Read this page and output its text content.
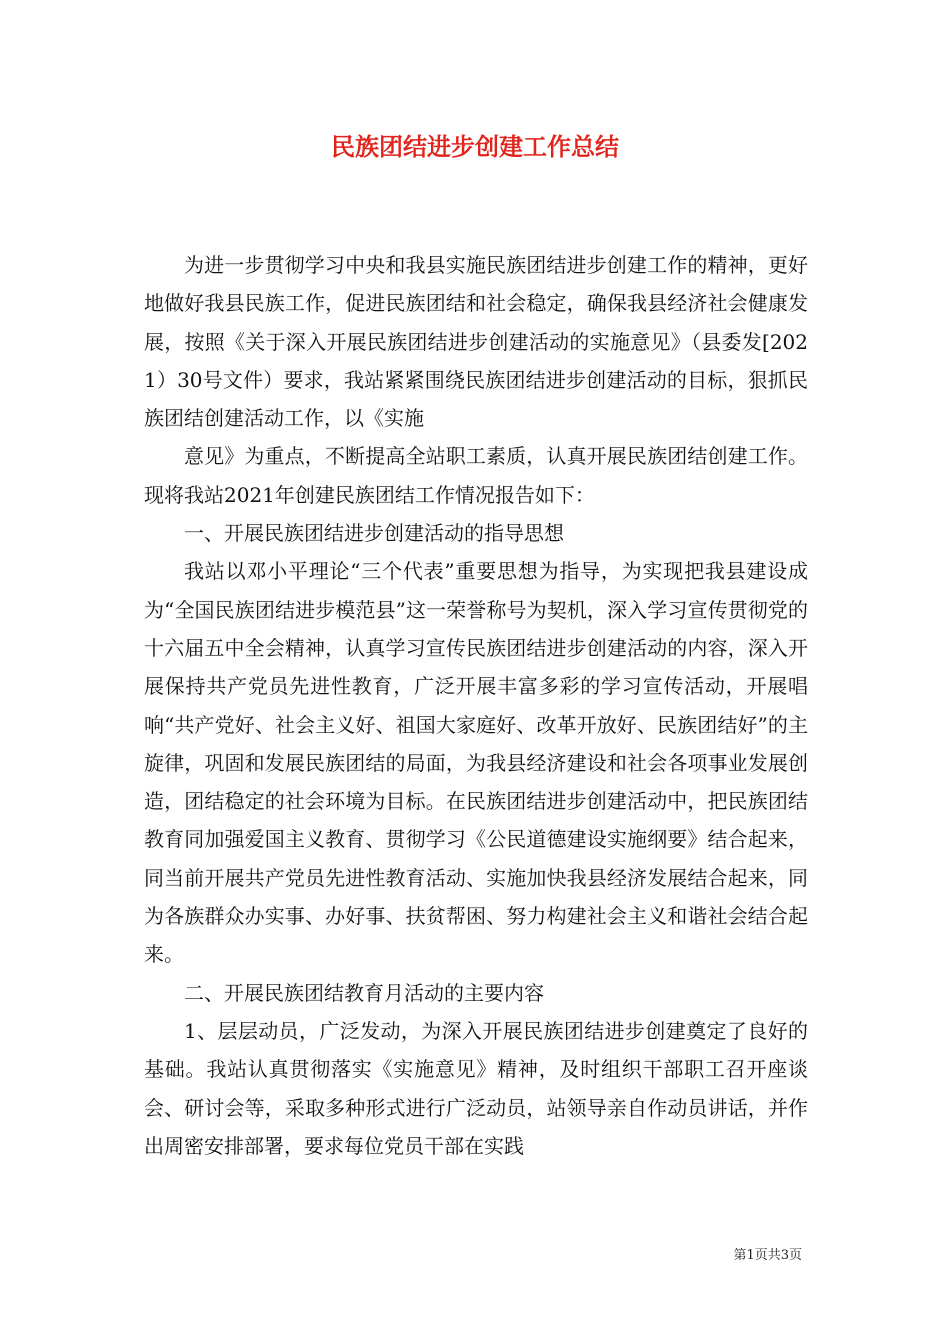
民族团结进步创建工作总结

为进一步贯彻学习中央和我县实施民族团结进步创建工作的精神，更好地做好我县民族工作，促进民族团结和社会稳定，确保我县经济社会健康发展，按照《关于深入开展民族团结进步创建活动的实施意见》（县委发[2021）30号文件）要求，我站紧紧围绕民族团结进步创建活动的目标，狠抓民族团结创建活动工作，以《实施

意见》为重点，不断提高全站职工素质，认真开展民族团结创建工作。现将我站2021年创建民族团结工作情况报告如下：

一、开展民族团结进步创建活动的指导思想

我站以邓小平理论“三个代表”重要思想为指导，为实现把我县建设成为“全国民族团结进步模范县”这一荣誉称号为契机，深入学习宣传贯彻党的十六届五中全会精神，认真学习宣传民族团结进步创建活动的内容，深入开展保持共产党员先进性教育，广泛开展丰富多彩的学习宣传活动，开展唱响“共产党好、社会主义好、祖国大家庭好、改革开放好、民族团结好”的主旋律，巩固和发展民族团结的局面，为我县经济建设和社会各项事业发展创造，团结稳定的社会环境为目标。在民族团结进步创建活动中，把民族团结教育同加强爱国主义教育、贯彻学习《公民道德建设实施纲要》结合起来，同当前开展共产党员先进性教育活动、实施加快我县经济发展结合起来，同为各族群众办实事、办好事、扶贫帮困、努力构建社会主义和谐社会结合起来。

二、开展民族团结教育月活动的主要内容

1、层层动员，广泛发动，为深入开展民族团结进步创建奠定了良好的基础。我站认真贯彻落实《实施意见》精神，及时组织干部职工召开座谈会、研讨会等，采取多种形式进行广泛动员，站领导亲自作动员讲话，并作出周密安排部署，要求每位党员干部在实践

第1页共3页
